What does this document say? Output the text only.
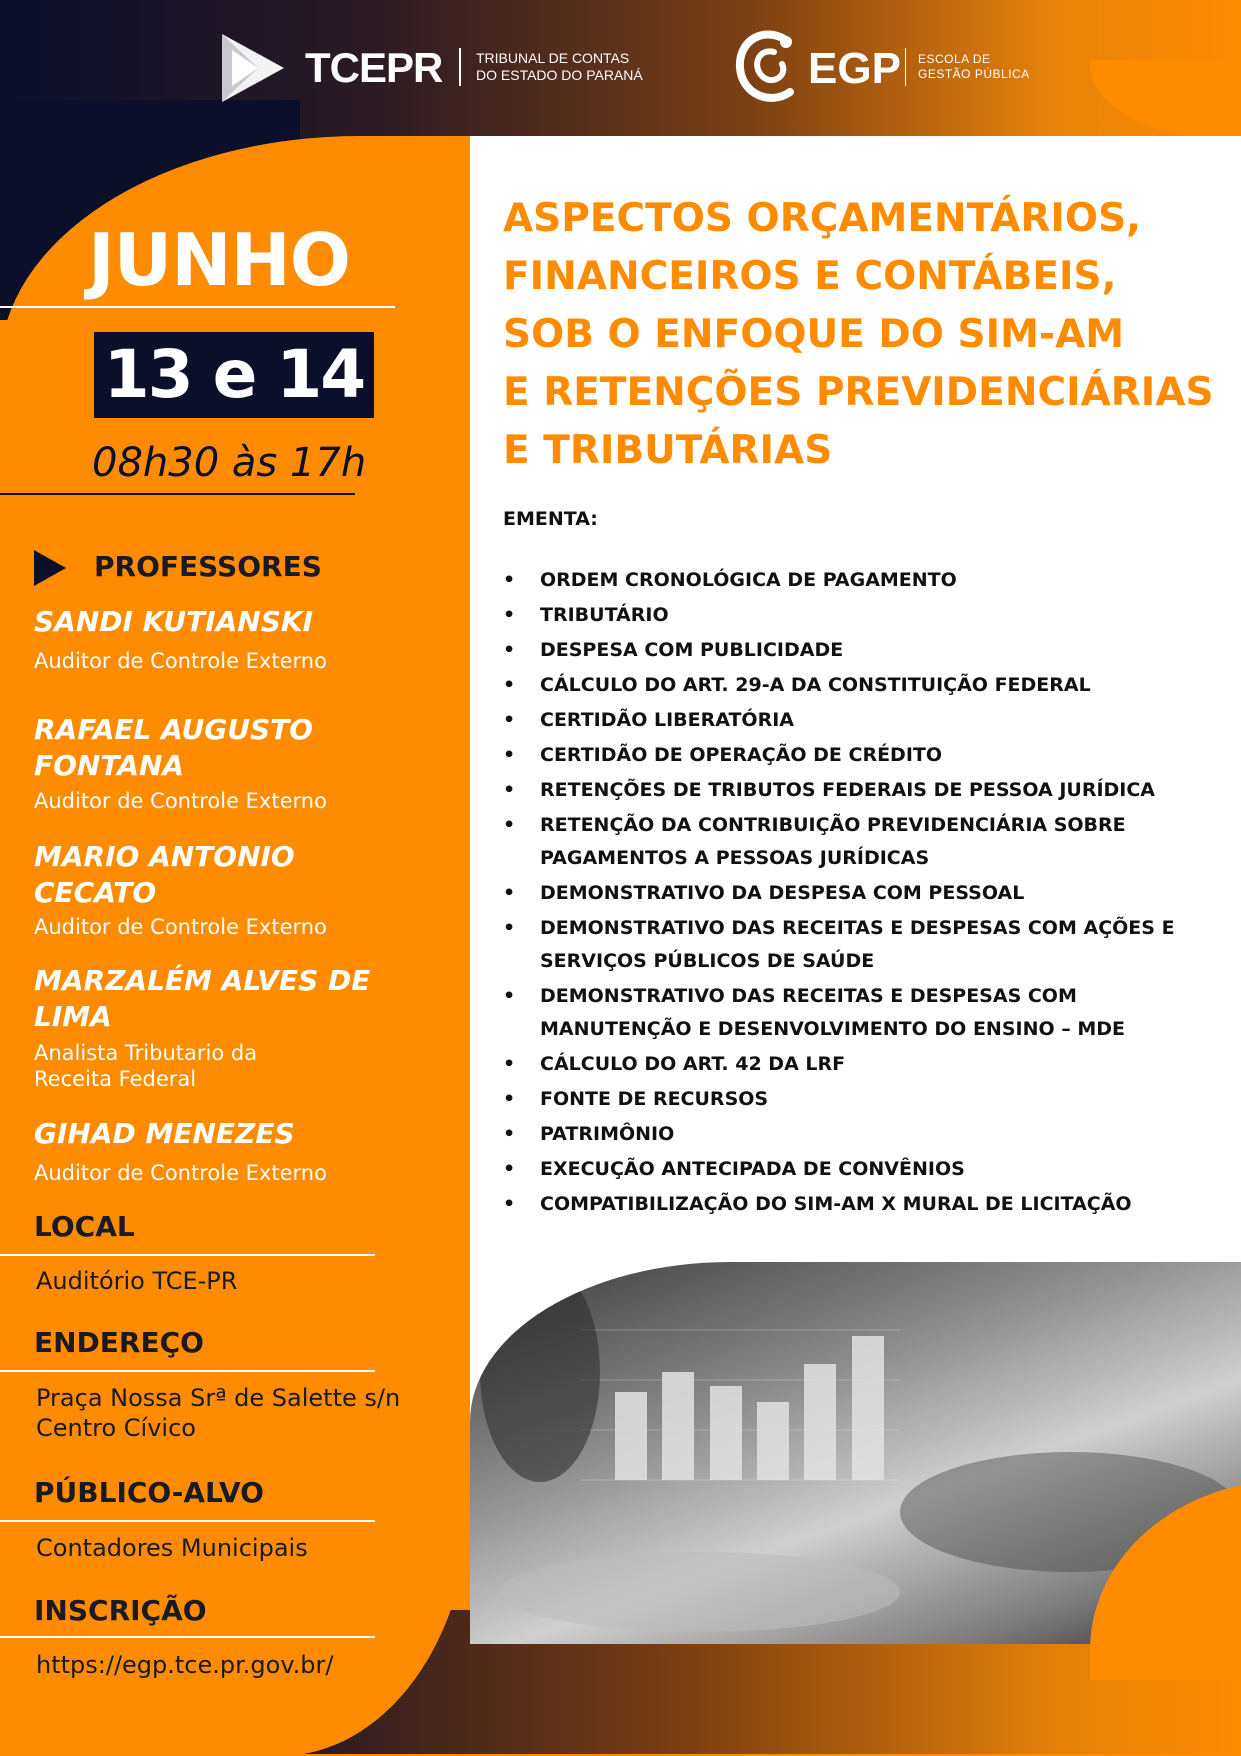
TCEPR TRIBUNAL DE CONTAS
DO ESTADO DO PARANÁ	EGP ESCOLA DE
GESTÃO PÚBLICA
JUNHO
13 e 14
08h30 às 17h
PROFESSORES
SANDI KUTIANSKI
Auditor de Controle Externo
RAFAEL AUGUSTO FONTANA
Auditor de Controle Externo
MARIO ANTONIO CECATO
Auditor de Controle Externo
MARZALÉM ALVES DE LIMA
Analista Tributario da Receita Federal
GIHAD MENEZES
Auditor de Controle Externo
LOCAL
Auditório TCE-PR
ENDEREÇO
Praça Nossa Srª de Salette s/n
Centro Cívico
PÚBLICO-ALVO
Contadores Municipais
INSCRIÇÃO
https://egp.tce.pr.gov.br/
ASPECTOS ORÇAMENTÁRIOS,
FINANCEIROS E CONTÁBEIS,
SOB O ENFOQUE DO SIM-AM
E RETENÇÕES PREVIDENCIÁRIAS
E TRIBUTÁRIAS
EMENTA:
• ORDEM CRONOLÓGICA DE PAGAMENTO
• TRIBUTÁRIO
• DESPESA COM PUBLICIDADE
• CÁLCULO DO ART. 29-A DA CONSTITUIÇÃO FEDERAL
• CERTIDÃO LIBERATÓRIA
• CERTIDÃO DE OPERAÇÃO DE CRÉDITO
• RETENÇÕES DE TRIBUTOS FEDERAIS DE PESSOA JURÍDICA
• RETENÇÃO DA CONTRIBUIÇÃO PREVIDENCIÁRIA SOBRE PAGAMENTOS A PESSOAS JURÍDICAS
• DEMONSTRATIVO DA DESPESA COM PESSOAL
• DEMONSTRATIVO DAS RECEITAS E DESPESAS COM AÇÕES E SERVIÇOS PÚBLICOS DE SAÚDE
• DEMONSTRATIVO DAS RECEITAS E DESPESAS COM MANUTENÇÃO E DESENVOLVIMENTO DO ENSINO – MDE
• CÁLCULO DO ART. 42 DA LRF
• FONTE DE RECURSOS
• PATRIMÔNIO
• EXECUÇÃO ANTECIPADA DE CONVÊNIOS
• COMPATIBILIZAÇÃO DO SIM-AM X MURAL DE LICITAÇÃO
